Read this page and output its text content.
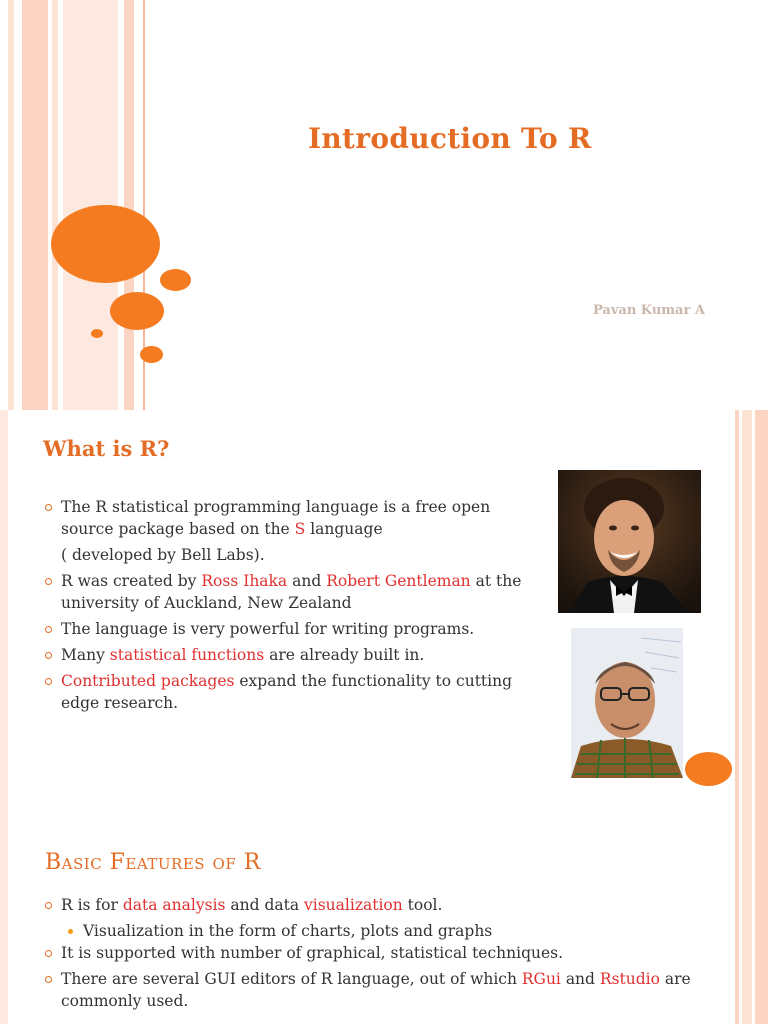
Introduction To R
Pavan Kumar A
What is R?
The R statistical programming language is a free open source package based on the S language
( developed by Bell Labs).
R was created by Ross Ihaka and Robert Gentleman at the university of Auckland, New Zealand
The language is very powerful for writing programs.
Many statistical functions are already built in.
Contributed packages expand the functionality to cutting edge research.
Basic Features of R
R is for data analysis and data visualization tool.
Visualization in the form of charts, plots and graphs
It is supported with number of graphical, statistical techniques.
There are several GUI editors of R language, out of which RGui and Rstudio are commonly used.
